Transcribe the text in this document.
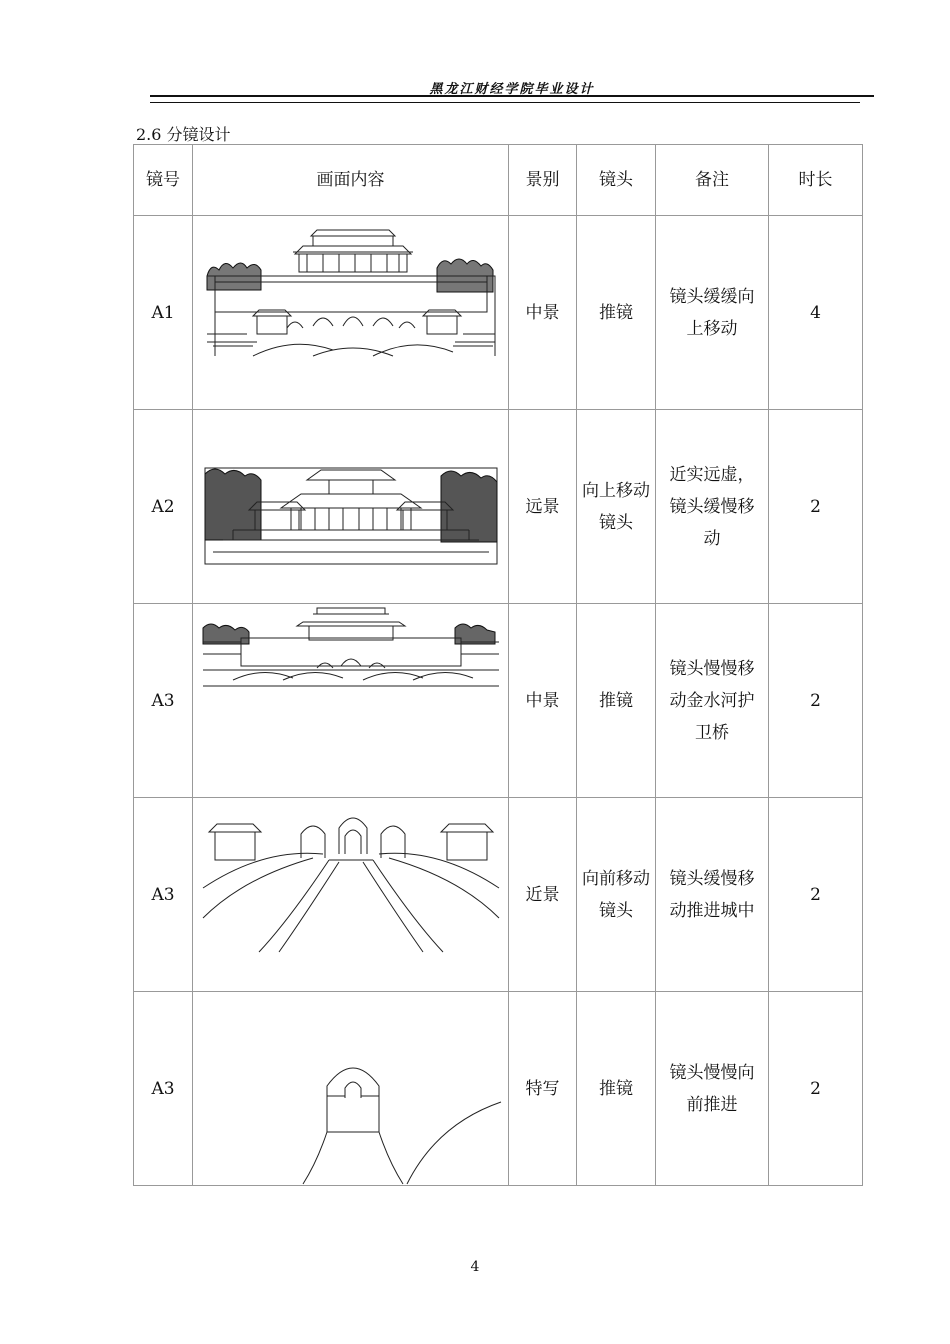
黑龙江财经学院毕业设计
2.6 分镜设计
镜号	画面内容	景别	镜头	备注	时长
A1		中景	推镜	镜头缓缓向上移动	4
A2		远景	向上移动镜头	近实远虚，镜头缓慢移动	2
A3		中景	推镜	镜头慢慢移动金水河护卫桥	2
A3		近景	向前移动镜头	镜头缓慢移动推进城中	2
A3		特写	推镜	镜头慢慢向前推进	2
4
